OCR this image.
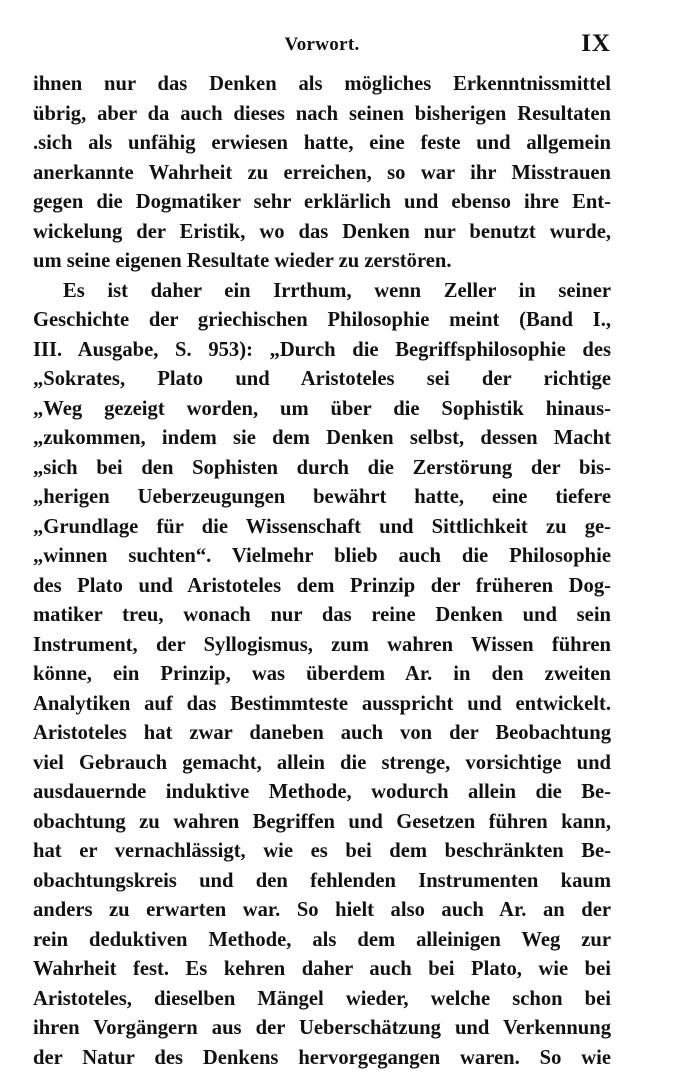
Vorwort.	IX
ihnen nur das Denken als mögliches Erkenntnissmittel
übrig, aber da auch dieses nach seinen bisherigen Resultaten
.sich als unfähig erwiesen hatte, eine feste und allgemein
anerkannte Wahrheit zu erreichen, so war ihr Misstrauen
gegen die Dogmatiker sehr erklärlich und ebenso ihre Ent-
wickelung der Eristik, wo das Denken nur benutzt wurde,
um seine eigenen Resultate wieder zu zerstören.
Es ist daher ein Irrthum, wenn Zeller in seiner
Geschichte der griechischen Philosophie meint (Band I.,
III. Ausgabe, S. 953): „Durch die Begriffsphilosophie des
„Sokrates, Plato und Aristoteles sei der richtige
„Weg gezeigt worden, um über die Sophistik hinaus-
„zukommen, indem sie dem Denken selbst, dessen Macht
„sich bei den Sophisten durch die Zerstörung der bis-
„herigen Ueberzeugungen bewährt hatte, eine tiefere
„Grundlage für die Wissenschaft und Sittlichkeit zu ge-
„winnen suchten“. Vielmehr blieb auch die Philosophie
des Plato und Aristoteles dem Prinzip der früheren Dog-
matiker treu, wonach nur das reine Denken und sein
Instrument, der Syllogismus, zum wahren Wissen führen
könne, ein Prinzip, was überdem Ar. in den zweiten
Analytiken auf das Bestimmteste ausspricht und entwickelt.
Aristoteles hat zwar daneben auch von der Beobachtung
viel Gebrauch gemacht, allein die strenge, vorsichtige und
ausdauernde induktive Methode, wodurch allein die Be-
obachtung zu wahren Begriffen und Gesetzen führen kann,
hat er vernachlässigt, wie es bei dem beschränkten Be-
obachtungskreis und den fehlenden Instrumenten kaum
anders zu erwarten war. So hielt also auch Ar. an der
rein deduktiven Methode, als dem alleinigen Weg zur
Wahrheit fest. Es kehren daher auch bei Plato, wie bei
Aristoteles, dieselben Mängel wieder, welche schon bei
ihren Vorgängern aus der Ueberschätzung und Verkennung
der Natur des Denkens hervorgegangen waren. So wie
